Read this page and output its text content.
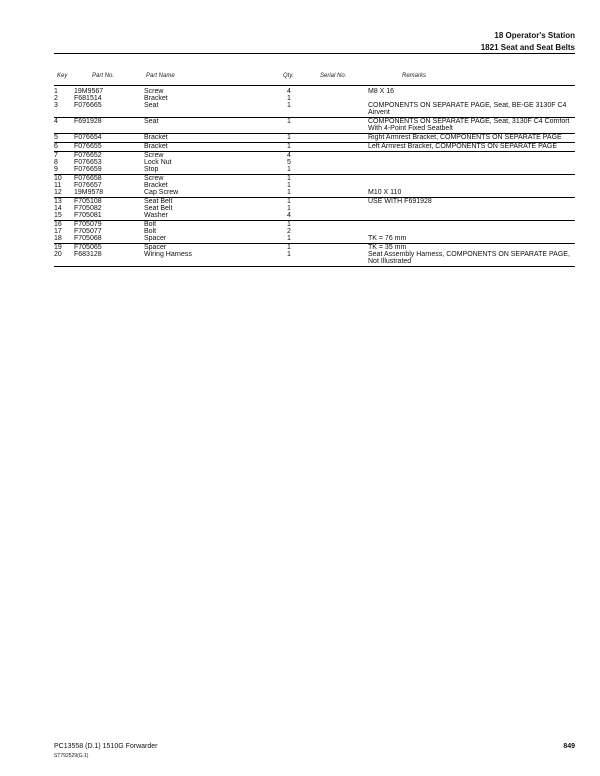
18 Operator's Station
1821 Seat and Seat Belts
Key	Part No.	Part Name	Qty.	Serial No.	Remarks
1 19M9567	Screw	4	M8 X 16
2 F681514	Bracket	1
3 F076665	Seat	1	COMPONENTS ON SEPARATE PAGE, Seat, BE-GE 3130F C4 Airvent
4 F691928	Seat	1	COMPONENTS ON SEPARATE PAGE, Seat, 3130F C4 Comfort With 4-Point Fixed Seatbelt
5 F076654	Bracket	1	Right Armrest Bracket, COMPONENTS ON SEPARATE PAGE
6 F076655	Bracket	1	Left Armrest Bracket, COMPONENTS ON SEPARATE PAGE
7 F076652	Screw	4
8 F076653	Lock Nut	5
9 F076659	Stop	1
10 F076658	Screw	1
11 F076657	Bracket	1
12 19M9578	Cap Screw	1	M10 X 110
13 F705108	Seat Belt	1	USE WITH F691928
14 F705082	Seat Belt	1
15 F705081	Washer	4
16 F705079	Bolt	1
17 F705077	Bolt	2
18 F705068	Spacer	1	TK = 76 mm
19 F705065	Spacer	1	TK = 35 mm
20 F683128	Wiring Harness	1	Seat Assembly Harness, COMPONENTS ON SEPARATE PAGE, Not Illustrated
PC13558 (D.1) 1510G Forwarder	849
ST792529(G.1)
